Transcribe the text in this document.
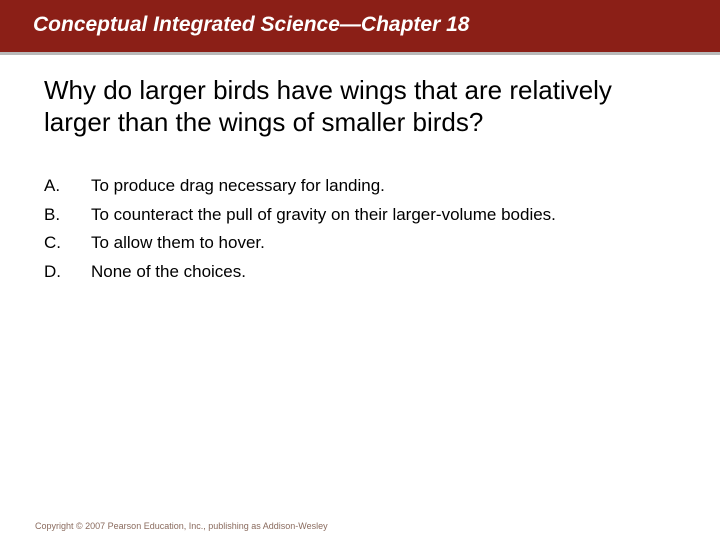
Conceptual Integrated Science—Chapter 18
Why do larger birds have wings that are relatively larger than the wings of smaller birds?
A. To produce drag necessary for landing.
B. To counteract the pull of gravity on their larger-volume bodies.
C. To allow them to hover.
D. None of the choices.
Copyright © 2007 Pearson Education, Inc., publishing as Addison-Wesley
